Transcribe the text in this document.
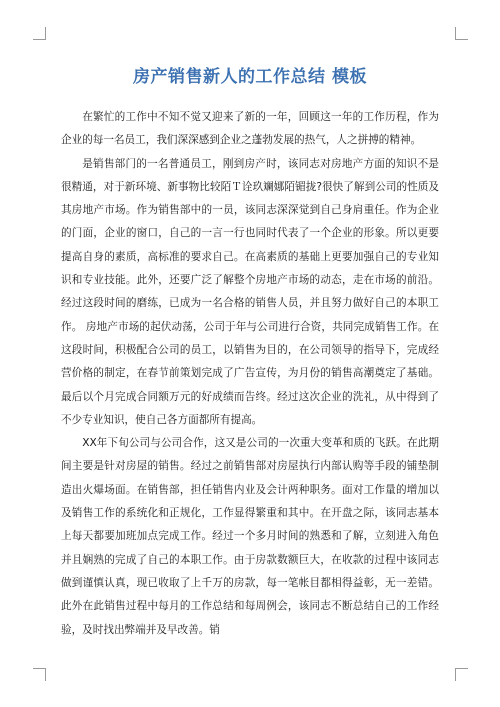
房产销售新人的工作总结 模板

在繁忙的工作中不知不觉又迎来了新的一年，回顾这一年的工作历程，作为企业的每一名员工，我们深深感到企业之蓬勃发展的热气，人之拼搏的精神。

是销售部门的一名普通员工，刚到房产时，该同志对房地产方面的知识不是很精通，对于新环境、新事物比较陌Ｔ诠玖斓娜陌镅拢?很快了解到公司的性质及其房地产市场。作为销售部中的一员，该同志深深觉到自己身肩重任。作为企业的门面，企业的窗口，自己的一言一行也同时代表了一个企业的形象。所以更要提高自身的素质，高标准的要求自己。在高素质的基础上更要加强自己的专业知识和专业技能。此外，还要广泛了解整个房地产市场的动态，走在市场的前沿。经过这段时间的磨练，已成为一名合格的销售人员，并且努力做好自己的本职工作。 房地产市场的起伏动荡，公司于年与公司进行合资，共同完成销售工作。在这段时间，积极配合公司的员工，以销售为目的，在公司领导的指导下，完成经营价格的制定，在春节前策划完成了广告宣传，为月份的销售高潮奠定了基础。最后以个月完成合同额万元的好成绩而告终。经过这次企业的洗礼，从中得到了不少专业知识，使自己各方面都所有提高。

XX年下旬公司与公司合作，这又是公司的一次重大变革和质的飞跃。在此期间主要是针对房屋的销售。经过之前销售部对房屋执行内部认购等手段的铺垫制造出火爆场面。在销售部，担任销售内业及会计两种职务。面对工作量的增加以及销售工作的系统化和正规化，工作显得繁重和其中。在开盘之际，该同志基本上每天都要加班加点完成工作。经过一个多月时间的熟悉和了解，立刻进入角色并且娴熟的完成了自己的本职工作。由于房款数额巨大，在收款的过程中该同志做到谨慎认真，现已收取了上千万的房款，每一笔帐目都相得益彰，无一差错。此外在此销售过程中每月的工作总结和每周例会，该同志不断总结自己的工作经验，及时找出弊端并及早改善。销
